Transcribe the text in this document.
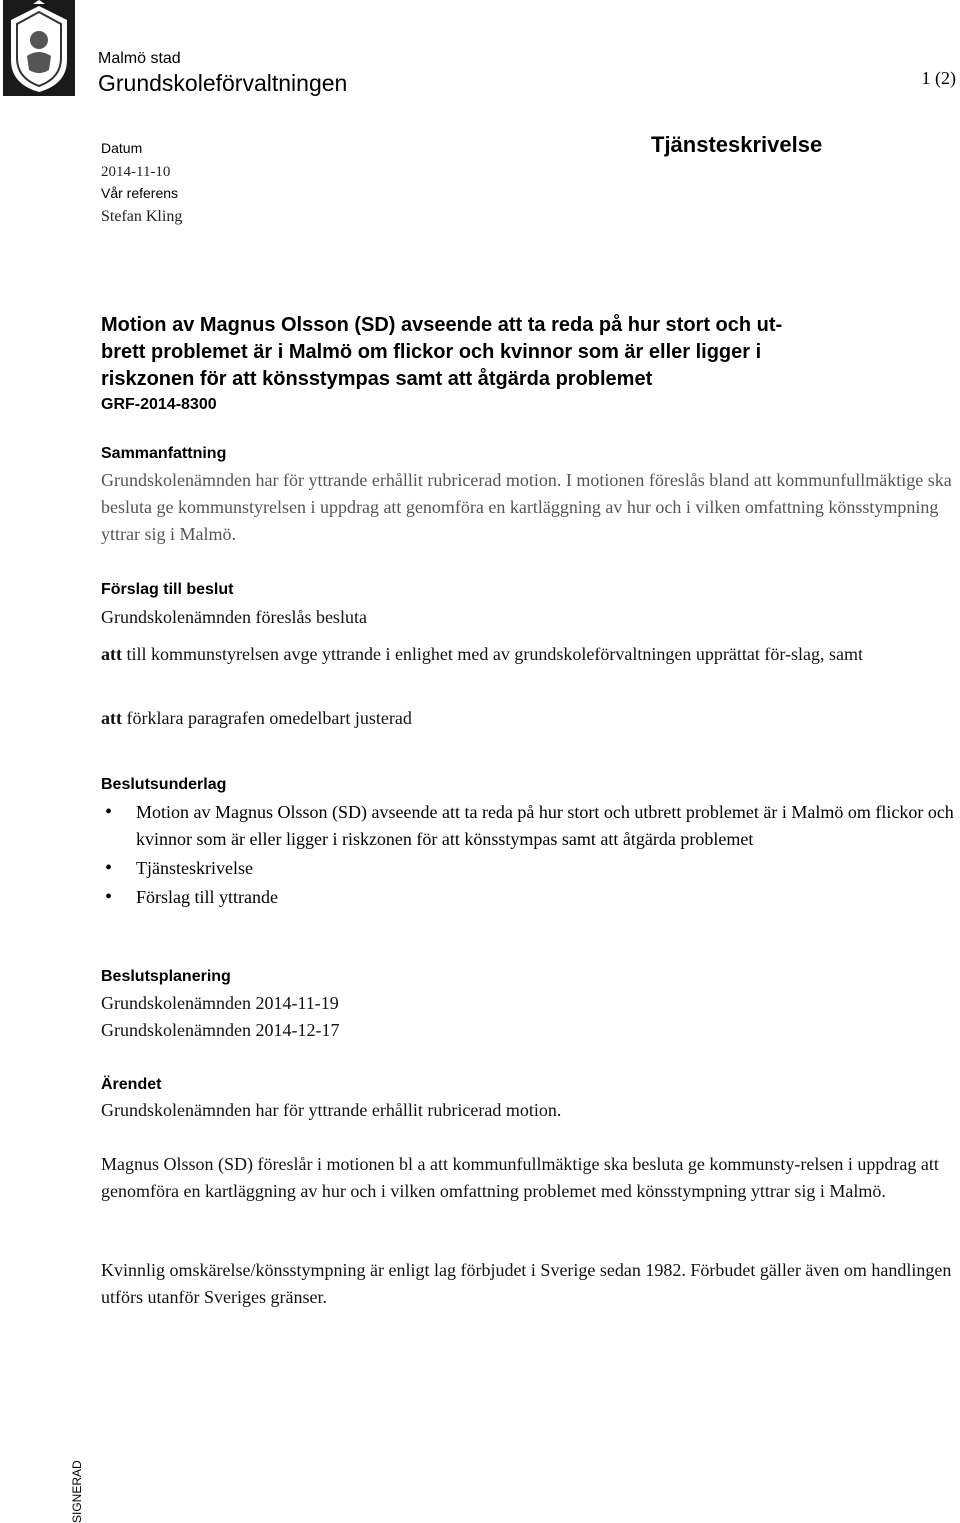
Malmö stad
Grundskoleförvaltningen	1 (2)
Datum
2014-11-10
Vår referens
Stefan Kling
Tjänsteskrivelse
Motion av Magnus Olsson (SD) avseende att ta reda på hur stort och ut-
brett problemet är i Malmö om flickor och kvinnor som är eller ligger i
riskzonen för att könsstympas samt att åtgärda problemet
GRF-2014-8300
Sammanfattning
Grundskolenämnden har för yttrande erhållit rubricerad motion. I motionen föreslås bland att kommunfullmäktige ska besluta ge kommunstyrelsen i uppdrag att genomföra en kartläggning av hur och i vilken omfattning könsstympning yttrar sig i Malmö.
Förslag till beslut
Grundskolenämnden föreslås besluta
att till kommunstyrelsen avge yttrande i enlighet med av grundskoleförvaltningen upprättat för-slag, samt
att förklara paragrafen omedelbart justerad
Beslutsunderlag
• Motion av Magnus Olsson (SD) avseende att ta reda på hur stort och utbrett problemet är i Malmö om flickor och kvinnor som är eller ligger i riskzonen för att könsstympas samt att åtgärda problemet
• Tjänsteskrivelse
• Förslag till yttrande
Beslutsplanering
Grundskolenämnden 2014-11-19
Grundskolenämnden 2014-12-17
Ärendet
Grundskolenämnden har för yttrande erhållit rubricerad motion.
Magnus Olsson (SD) föreslår i motionen bl a att kommunfullmäktige ska besluta ge kommunsty-relsen i uppdrag att genomföra en kartläggning av hur och i vilken omfattning problemet med könsstympning yttrar sig i Malmö.
Kvinnlig omskärelse/könsstympning är enligt lag förbjudet i Sverige sedan 1982. Förbudet gäller även om handlingen utförs utanför Sveriges gränser.
SIGNERAD
